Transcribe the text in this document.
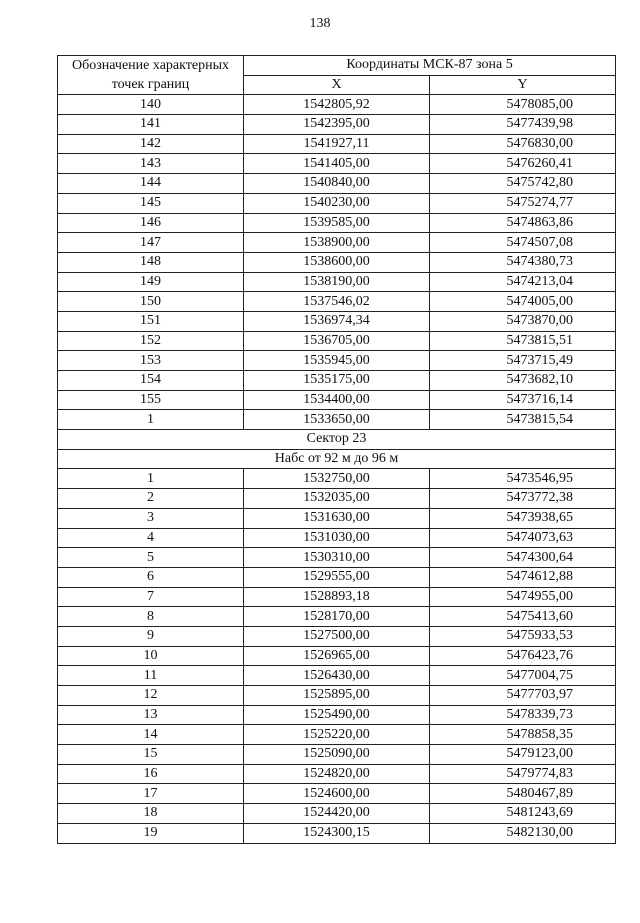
138
Обозначение характерных точек границ	Координаты МСК-87 зона 5	
	X	Y
140	1542805,92	5478085,00
141	1542395,00	5477439,98
142	1541927,11	5476830,00
143	1541405,00	5476260,41
144	1540840,00	5475742,80
145	1540230,00	5475274,77
146	1539585,00	5474863,86
147	1538900,00	5474507,08
148	1538600,00	5474380,73
149	1538190,00	5474213,04
150	1537546,02	5474005,00
151	1536974,34	5473870,00
152	1536705,00	5473815,51
153	1535945,00	5473715,49
154	1535175,00	5473682,10
155	1534400,00	5473716,14
1	1533650,00	5473815,54
Сектор 23		
Набс от 92 м до 96 м		
1	1532750,00	5473546,95
2	1532035,00	5473772,38
3	1531630,00	5473938,65
4	1531030,00	5474073,63
5	1530310,00	5474300,64
6	1529555,00	5474612,88
7	1528893,18	5474955,00
8	1528170,00	5475413,60
9	1527500,00	5475933,53
10	1526965,00	5476423,76
11	1526430,00	5477004,75
12	1525895,00	5477703,97
13	1525490,00	5478339,73
14	1525220,00	5478858,35
15	1525090,00	5479123,00
16	1524820,00	5479774,83
17	1524600,00	5480467,89
18	1524420,00	5481243,69
19	1524300,15	5482130,00
